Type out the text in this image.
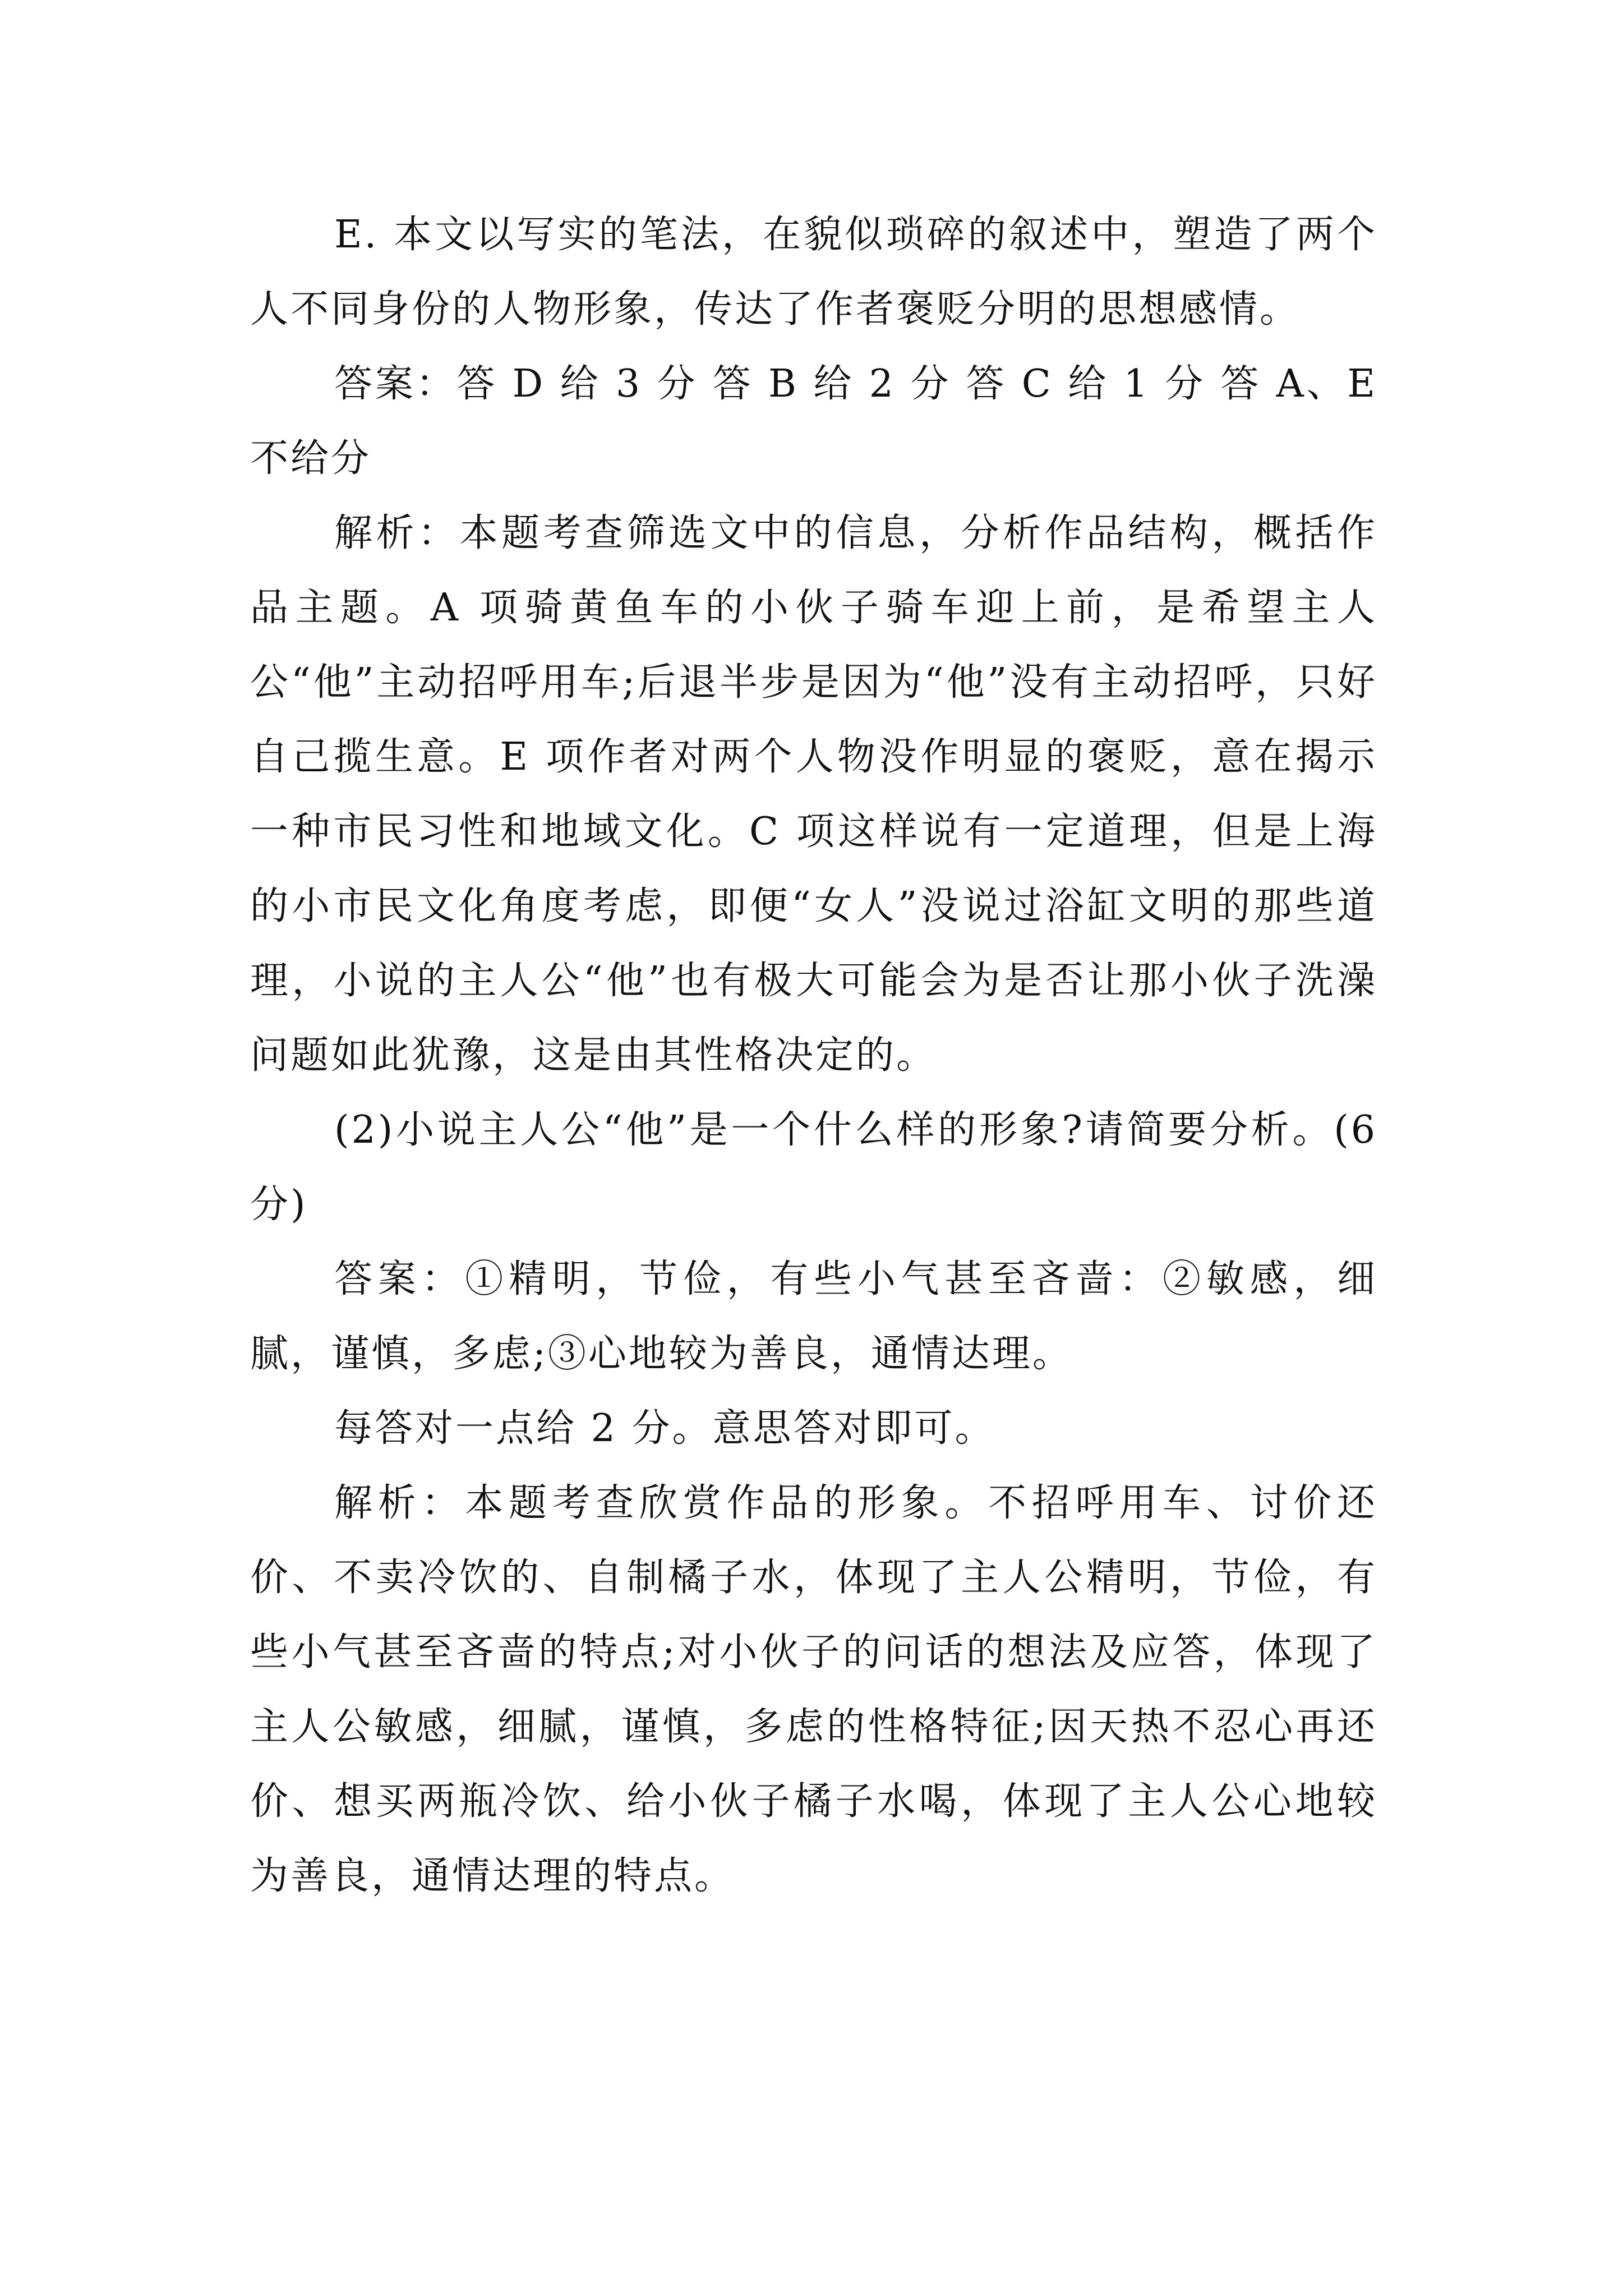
E. 本文以写实的笔法，在貌似琐碎的叙述中，塑造了两个人不同身份的人物形象，传达了作者褒贬分明的思想感情。

答案：答 D 给 3 分 答 B 给 2 分 答 C 给 1 分 答 A、E 不给分

解析：本题考查筛选文中的信息，分析作品结构，概括作品主题。A 项骑黄鱼车的小伙子骑车迎上前，是希望主人公“他”主动招呼用车;后退半步是因为“他”没有主动招呼，只好自己揽生意。E 项作者对两个人物没作明显的褒贬，意在揭示一种市民习性和地域文化。C 项这样说有一定道理，但是上海的小市民文化角度考虑，即便“女人”没说过浴缸文明的那些道理，小说的主人公“他”也有极大可能会为是否让那小伙子洗澡问题如此犹豫，这是由其性格决定的。

(2)小说主人公“他”是一个什么样的形象?请简要分析。(6 分)

答案：①精明，节俭，有些小气甚至吝啬：②敏感，细腻，谨慎，多虑;③心地较为善良，通情达理。

每答对一点给 2 分。意思答对即可。

解析：本题考查欣赏作品的形象。不招呼用车、讨价还价、不卖冷饮的、自制橘子水，体现了主人公精明，节俭，有些小气甚至吝啬的特点;对小伙子的问话的想法及应答，体现了主人公敏感，细腻，谨慎，多虑的性格特征;因天热不忍心再还价、想买两瓶冷饮、给小伙子橘子水喝，体现了主人公心地较为善良，通情达理的特点。
